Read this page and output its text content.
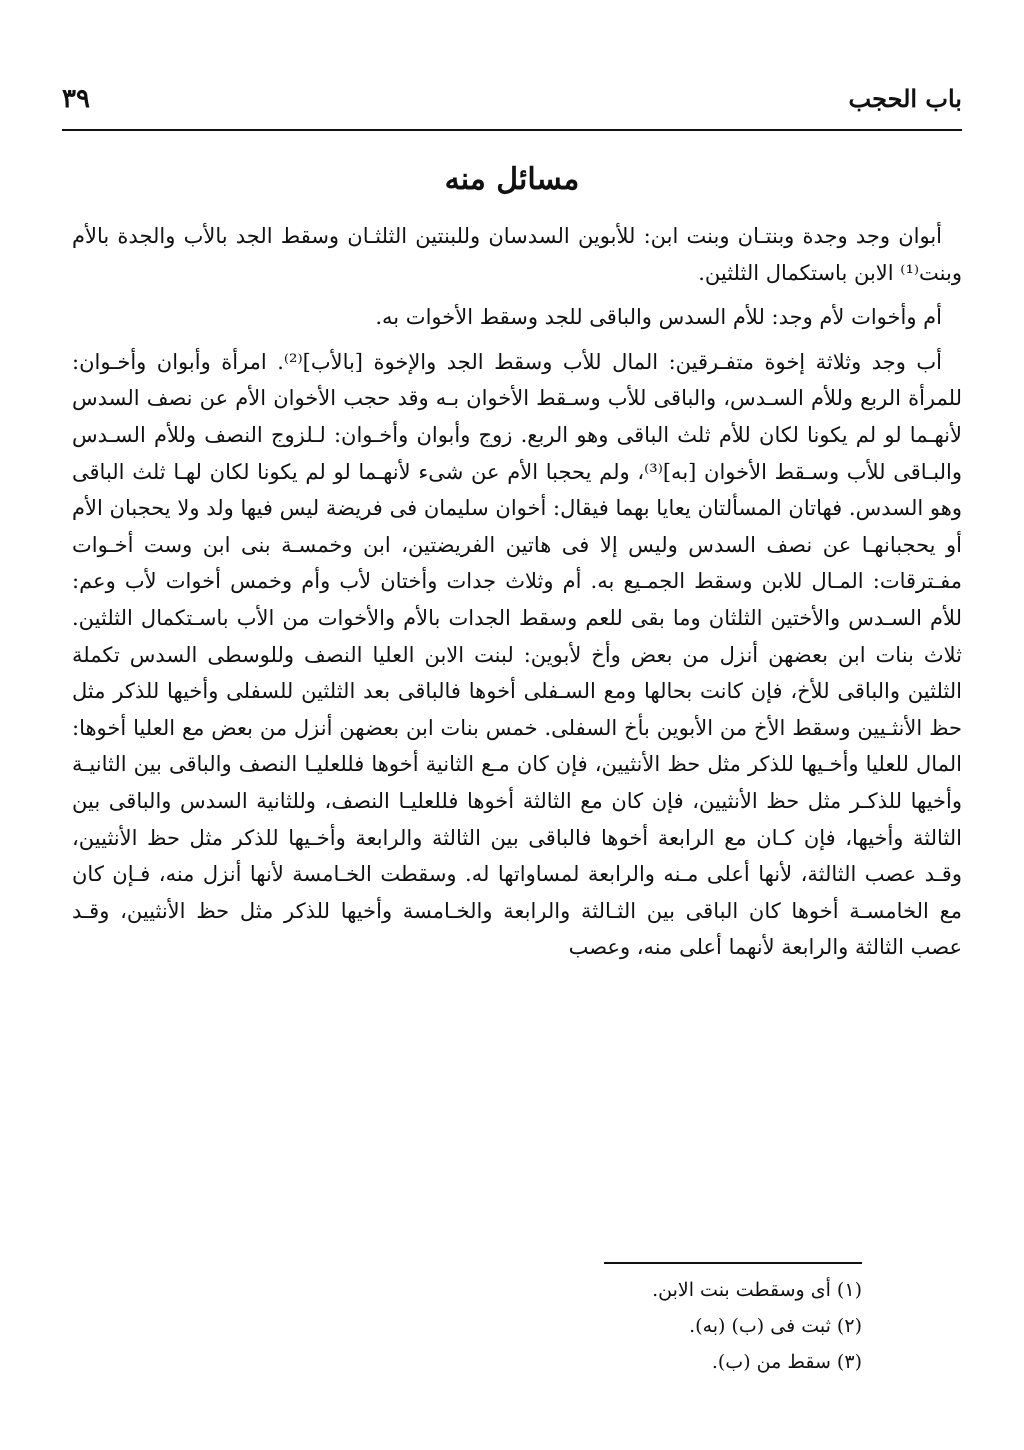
باب الحجب
٣٩
مسائل منه

أبوان وجد وجدة وبنتـان وبنت ابن: للأبوين السدسان وللبنتين الثلثـان وسقط الجد بالأب والجدة بالأم وبنت⁽¹⁾ الابن باستكمال الثلثين.

أم وأخوات لأم وجد: للأم السدس والباقى للجد وسقط الأخوات به.

أب وجد وثلاثة إخوة متفـرقين: المال للأب وسقط الجد والإخوة [بالأب]⁽²⁾. امرأة وأبوان وأخـوان: للمرأة الربع وللأم السـدس، والباقى للأب وسـقط الأخوان بـه وقد حجب الأخوان الأم عن نصف السدس لأنهـما لو لم يكونا لكان للأم ثلث الباقى وهو الربع. زوج وأبوان وأخـوان: لـلزوج النصف وللأم السـدس والبـاقى للأب وسـقط الأخوان [به]⁽³⁾، ولم يحجبا الأم عن شىء لأنهـما لو لم يكونا لكان لهـا ثلث الباقى وهو السدس. فهاتان المسألتان يعايا بهما فيقال: أخوان سليمان فى فريضة ليس فيها ولد ولا يحجبان الأم أو يحجبانهـا عن نصف السدس وليس إلا فى هاتين الفريضتين، ابن وخمسـة بنى ابن وست أخـوات مفـترقات: المـال للابن وسقط الجمـيع به. أم وثلاث جدات وأختان لأب وأم وخمس أخوات لأب وعم: للأم السـدس والأختين الثلثان وما بقى للعم وسقط الجدات بالأم والأخوات من الأب باسـتكمال الثلثين. ثلاث بنات ابن بعضهن أنزل من بعض وأخ لأبوين: لبنت الابن العليا النصف وللوسطى السدس تكملة الثلثين والباقى للأخ، فإن كانت بحالها ومع السـفلى أخوها فالباقى بعد الثلثين للسفلى وأخيها للذكر مثل حظ الأنثـيين وسقط الأخ من الأبوين بأخ السفلى. خمس بنات ابن بعضهن أنزل من بعض مع العليا أخوها: المال للعليا وأخـيها للذكر مثل حظ الأنثيين، فإن كان مـع الثانية أخوها فللعليـا النصف والباقى بين الثانيـة وأخيها للذكـر مثل حظ الأنثيين، فإن كان مع الثالثة أخوها فللعليـا النصف، وللثانية السدس والباقى بين الثالثة وأخيها، فإن كـان مع الرابعة أخوها فالباقى بين الثالثة والرابعة وأخـيها للذكر مثل حظ الأنثيين، وقـد عصب الثالثة، لأنها أعلى مـنه والرابعة لمساواتها له. وسقطت الخـامسة لأنها أنزل منه، فـإن كان مع الخامسـة أخوها كان الباقى بين الثـالثة والرابعة والخـامسة وأخيها للذكر مثل حظ الأنثيين، وقـد عصب الثالثة والرابعة لأنهما أعلى منه، وعصب

(١) أى وسقطت بنت الابن.
(٢) ثبت فى (ب) (به).
(٣) سقط من (ب).
